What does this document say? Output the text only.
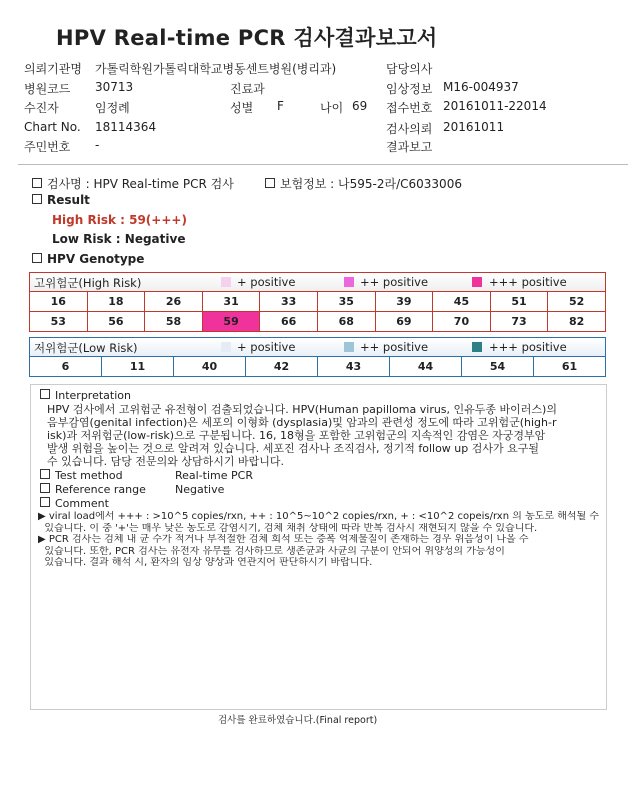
HPV Real-time PCR 검사결과보고서
의뢰기관명 가톨릭학원가톨릭대학교병동센트병원(병리과)	담당의사
병원코드 30713	진료과	임상정보 M16-004937
수진자	임정례	성별 F	나이 69 접수번호 20161011-22014
Chart No. 18114364	검사의뢰 20161011
주민번호 -	결과보고
검사명 : HPV Real-time PCR 검사	보험정보 : 나595-2라/C6033006
Result
High Risk : 59(+++)
Low Risk : Negative
HPV Genotype
고위험군(High Risk)	+ positive	++ positive	+++ positive
16	18	26	31	33	35	39	45	51	52
53	56	58	59	66	68	69	70	73	82
저위험군(Low Risk)	+ positive	++ positive	+++ positive
6	11	40	42	43	44	54	61
Interpretation
HPV 검사에서 고위험군 유전형이 검출되었습니다. HPV(Human papilloma virus, 인유두종 바이러스)의
음부감염(genital infection)은 세포의 이형화 (dysplasia)및 암과의 관련성 정도에 따라 고위험군(high-r
isk)과 저위험군(low-risk)으로 구분됩니다. 16, 18형을 포함한 고위험군의 지속적인 감염은 자궁경부암
발생 위험을 높이는 것으로 알려져 있습니다. 세포진 검사나 조직검사, 정기적 follow up 검사가 요구될
수 있습니다. 담당 전문의와 상담하시기 바랍니다.
Test method	Real-time PCR
Reference range	Negative
Comment
▶ viral load에서 +++ : >10^5 copies/rxn, ++ : 10^5~10^2 copies/rxn, + : <10^2 copeis/rxn 의 농도로 해석될 수
있습니다. 이 중 '+'는 매우 낮은 농도로 감염시기, 검체 채취 상태에 따라 반복 검사시 재현되지 않을 수 있습니다.
▶ PCR 검사는 검체 내 균 수가 적거나 부적절한 검체 희석 또는 증폭 억제물질이 존재하는 경우 위음성이 나올 수
있습니다. 또한, PCR 검사는 유전자 유무를 검사하므로 생존균과 사균의 구분이 안되어 위양성의 가능성이
있습니다. 결과 해석 시, 환자의 임상 양상과 연관지어 판단하시기 바랍니다.
검사를 완료하였습니다.(Final report)
